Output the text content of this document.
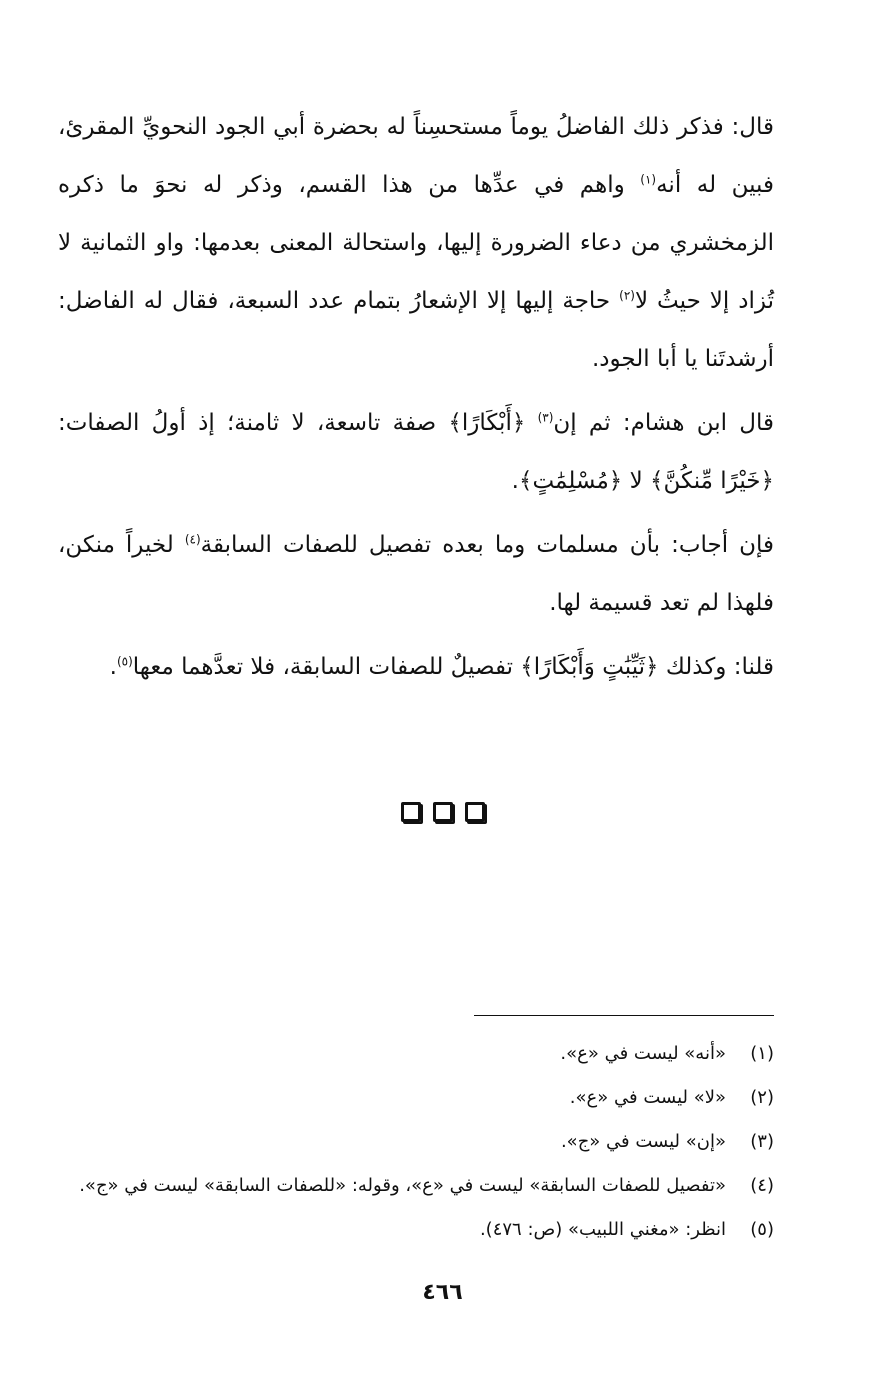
قال: فذكر ذلك الفاضلُ يوماً مستحسِناً له بحضرة أبي الجود النحويِّ المقرئ، فبين له أنه$^{(١)}$ واهم في عدِّها من هذا القسم، وذكر له نحوَ ما ذكره الزمخشري من دعاء الضرورة إليها، واستحالة المعنى بعدمها: واو الثمانية لا تُزاد إلا حيثُ لا$^{(٢)}$ حاجة إليها إلا الإشعارُ بتمام عدد السبعة، فقال له الفاضل: أرشدتَنا يا أبا الجود.

قال ابن هشام: ثم إن$^{(٣)}$ ﴿أَبْكَارًا﴾ صفة تاسعة، لا ثامنة؛ إذ أولُ الصفات: ﴿خَيْرًا مِّنكُنَّ﴾ لا ﴿مُسْلِمَٰتٍ﴾.

فإن أجاب: بأن مسلمات وما بعده تفصيل للصفات السابقة$^{(٤)}$ لخيراً منكن، فلهذا لم تعد قسيمة لها.

قلنا: وكذلك ﴿ثَيِّبَٰتٍ وَأَبْكَارًا﴾ تفصيلٌ للصفات السابقة، فلا تعدَّهما معها$^{(٥)}$.

(١)
«أنه» ليست في «ع».
(٢)
«لا» ليست في «ع».
(٣)
«إن» ليست في «ج».
(٤)
«تفصيل للصفات السابقة» ليست في «ع»، وقوله: «للصفات السابقة» ليست في «ج».
(٥)
انظر: «مغني اللبيب» (ص: ٤٧٦).
٤٦٦
